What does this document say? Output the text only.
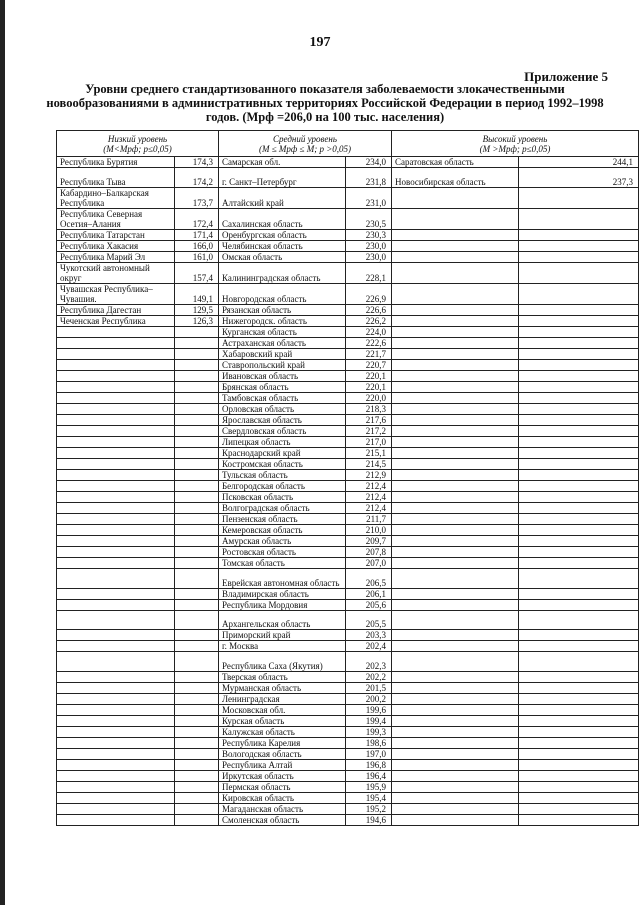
197
Приложение 5
Уровни среднего стандартизованного показателя заболеваемости злокачественными новообразованиями в административных территориях Российской Федерации в период 1992–1998 годов. (Мрф =206,0 на 100 тыс. населения)
Низкий уровень
(М<Мрф; p≤0,05)		Средний уровень
(М ≤ Мрф ≤ М; p >0,05)		Высокий уровень
(М >Мрф; p≤0,05)	
Республика Бурятия	174,3	Самарская обл.	234,0	Саратовская область	244,1
Республика Тыва	174,2	г. Санкт–Петербург	231,8	Новосибирская область	237,3
Кабардино–Балкарская Республика	173,7	Алтайский край	231,0		
Республика Северная Осетия–Алания	172,4	Сахалинская область	230,5		
Республика Татарстан	171,4	Оренбургская область	230,3		
Республика Хакасия	166,0	Челябинская область	230,0		
Республика Марий Эл	161,0	Омская область	230,0		
Чукотский автономный округ	157,4	Калининградская область	228,1		
Чувашская Республика–Чувашия.	149,1	Новгородская область	226,9		
Республика Дагестан	129,5	Рязанская область	226,6		
Чеченская Республика	126,3	Нижегородск. область	226,2		
		Курганская область	224,0		
		Астраханская область	222,6		
		Хабаровский край	221,7		
		Ставропольский край	220,7		
		Ивановская область	220,1		
		Брянская область	220,1		
		Тамбовская область	220,0		
		Орловская область	218,3		
		Ярославская область	217,6		
		Свердловская область	217,2		
		Липецкая область	217,0		
		Краснодарский край	215,1		
		Костромская область	214,5		
		Тульская область	212,9		
		Белгородская область	212,4		
		Псковская область	212,4		
		Волгоградская область	212,4		
		Пензенская область	211,7		
		Кемеровская область	210,0		
		Амурская область	209,7		
		Ростовская область	207,8		
		Томская область	207,0		
		Еврейская автономная область	206,5		
		Владимирская область	206,1		
		Республика Мордовия	205,6		
		Архангельская область	205,5		
		Приморский край	203,3		
		г. Москва	202,4		
		Республика Саха (Якутия)	202,3		
		Тверская область	202,2		
		Мурманская область	201,5		
		Ленинградская	200,2		
		Московская обл.	199,6		
		Курская область	199,4		
		Калужская область	199,3		
		Республика Карелия	198,6		
		Вологодская область	197,0		
		Республика Алтай	196,8		
		Иркутская область	196,4		
		Пермская область	195,9		
		Кировская область	195,4		
		Магаданская область	195,2		
		Смоленская область	194,6		
